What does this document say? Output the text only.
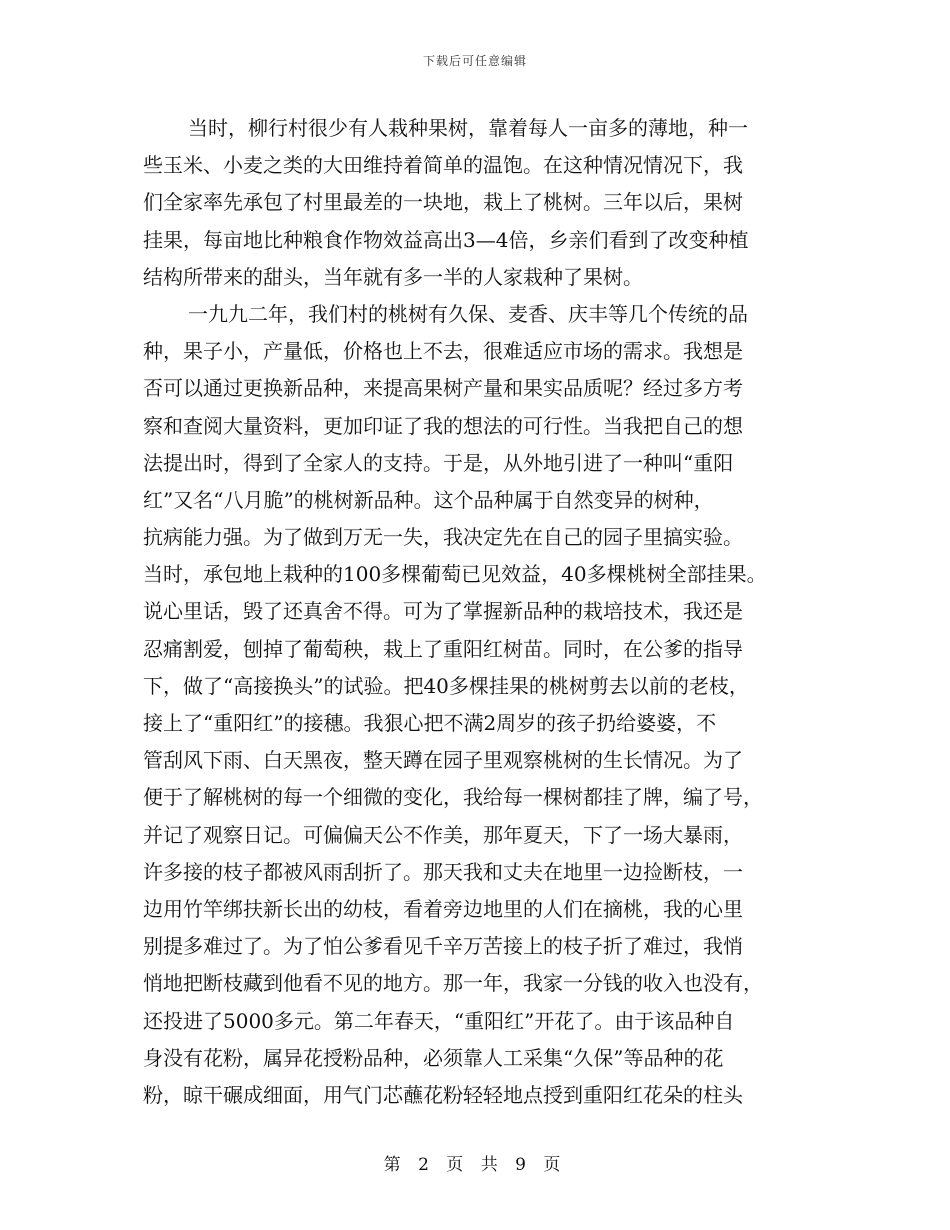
下载后可任意编辑
当时，柳行村很少有人栽种果树，靠着每人一亩多的薄地，种一
些玉米、小麦之类的大田维持着简单的温饱。在这种情况情况下，我
们全家率先承包了村里最差的一块地，栽上了桃树。三年以后，果树
挂果，每亩地比种粮食作物效益高出3—4倍，乡亲们看到了改变种植
结构所带来的甜头，当年就有多一半的人家栽种了果树。
一九九二年，我们村的桃树有久保、麦香、庆丰等几个传统的品
种，果子小，产量低，价格也上不去，很难适应市场的需求。我想是
否可以通过更换新品种，来提高果树产量和果实品质呢？经过多方考
察和查阅大量资料，更加印证了我的想法的可行性。当我把自己的想
法提出时，得到了全家人的支持。于是，从外地引进了一种叫“重阳
红”又名“八月脆”的桃树新品种。这个品种属于自然变异的树种，
抗病能力强。为了做到万无一失，我决定先在自己的园子里搞实验。
当时，承包地上栽种的100多棵葡萄已见效益，40多棵桃树全部挂果。
说心里话，毁了还真舍不得。可为了掌握新品种的栽培技术，我还是
忍痛割爱，刨掉了葡萄秧，栽上了重阳红树苗。同时，在公爹的指导
下，做了“高接换头”的试验。把40多棵挂果的桃树剪去以前的老枝，
接上了“重阳红”的接穗。我狠心把不满2周岁的孩子扔给婆婆，不
管刮风下雨、白天黑夜，整天蹲在园子里观察桃树的生长情况。为了
便于了解桃树的每一个细微的变化，我给每一棵树都挂了牌，编了号，
并记了观察日记。可偏偏天公不作美，那年夏天，下了一场大暴雨，
许多接的枝子都被风雨刮折了。那天我和丈夫在地里一边捡断枝，一
边用竹竿绑扶新长出的幼枝，看着旁边地里的人们在摘桃，我的心里
别提多难过了。为了怕公爹看见千辛万苦接上的枝子折了难过，我悄
悄地把断枝藏到他看不见的地方。那一年，我家一分钱的收入也没有，
还投进了5000多元。第二年春天，“重阳红”开花了。由于该品种自
身没有花粉，属异花授粉品种，必须靠人工采集“久保”等品种的花
粉，晾干碾成细面，用气门芯蘸花粉轻轻地点授到重阳红花朵的柱头
第 2 页 共 9 页
